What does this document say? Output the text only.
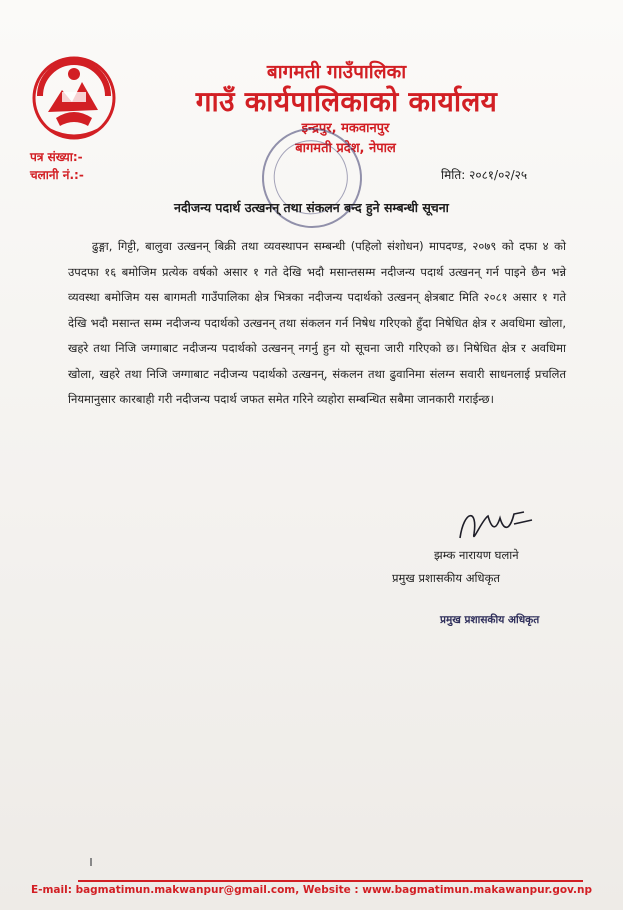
बागमती गाउँपालिका
गाउँ कार्यपालिकाको कार्यालय
इन्द्रपुर, मकवानपुर
बागमती प्रदेश, नेपाल
पत्र संख्या:-
चलानी नं.:-	मिति: २०८१/०२/२५
नदीजन्य पदार्थ उत्खनन् तथा संकलन बन्द हुने सम्बन्धी सूचना
ढुङ्गा, गिट्टी, बालुवा उत्खनन् बिक्री तथा व्यवस्थापन सम्बन्धी (पहिलो संशोधन) मापदण्ड, २०७९ को दफा ४ को उपदफा १६ बमोजिम प्रत्येक वर्षको असार १ गते देखि भदौ मसान्तसम्म नदीजन्य पदार्थ उत्खनन् गर्न पाइने छैन भन्ने व्यवस्था बमोजिम यस बागमती गाउँपालिका क्षेत्र भित्रका नदीजन्य पदार्थको उत्खनन् क्षेत्रबाट मिति २०८१ असार १ गते देखि भदौ मसान्त सम्म नदीजन्य पदार्थको उत्खनन् तथा संकलन गर्न निषेध गरिएको हुँदा निषेधित क्षेत्र र अवधिमा खोला, खहरे तथा निजि जग्गाबाट नदीजन्य पदार्थको उत्खनन् नगर्नु हुन यो सूचना जारी गरिएको छ। निषेधित क्षेत्र र अवधिमा खोला, खहरे तथा निजि जग्गाबाट नदीजन्य पदार्थको उत्खनन्, संकलन तथा ढुवानिमा संलग्न सवारी साधनलाई प्रचलित नियमानुसार कारबाही गरी नदीजन्य पदार्थ जफत समेत गरिने व्यहोरा सम्बन्धित सबैमा जानकारी गराईन्छ।
झम्क नारायण घलाने
प्रमुख प्रशासकीय अधिकृत
प्रमुख प्रशासकीय अधिकृत
E-mail: bagmatimun.makwanpur@gmail.com, Website : www.bagmatimun.makawanpur.gov.np
